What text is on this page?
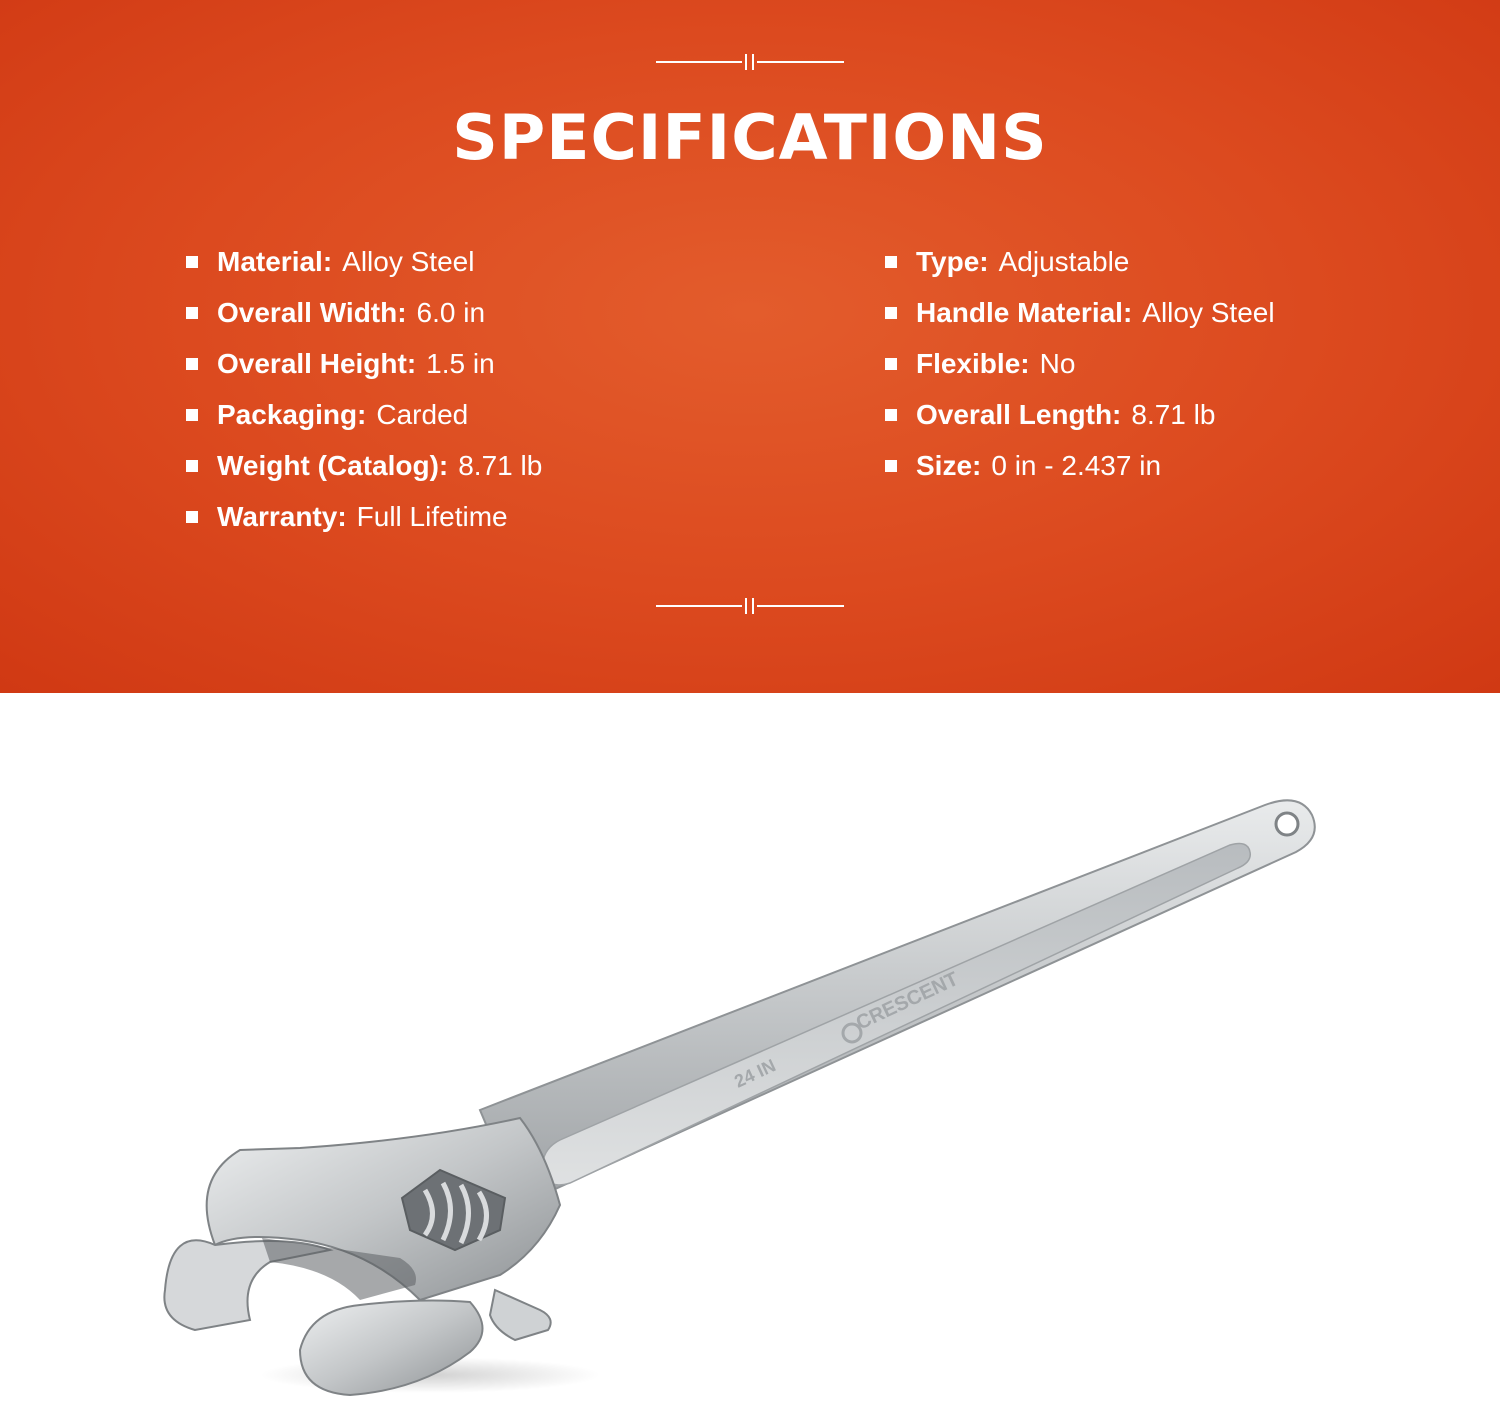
SPECIFICATIONS
Material: Alloy Steel
Overall Width: 6.0 in
Overall Height: 1.5 in
Packaging: Carded
Weight (Catalog): 8.71 lb
Warranty: Full Lifetime
Type: Adjustable
Handle Material: Alloy Steel
Flexible: No
Overall Length: 8.71 lb
Size: 0 in - 2.437 in
CRESCENT
24 IN
